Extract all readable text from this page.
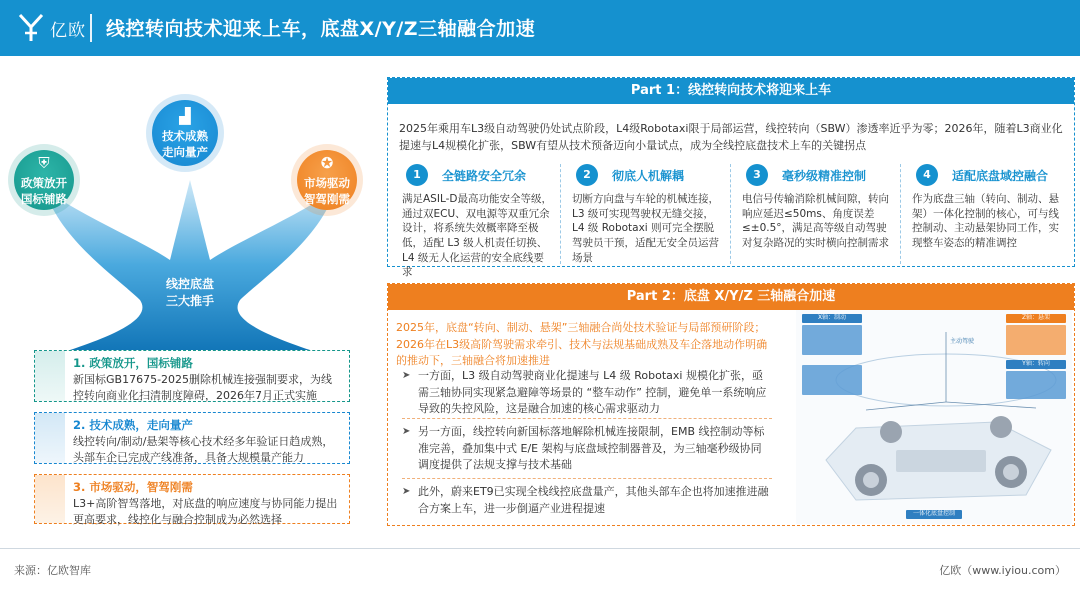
亿欧 线控转向技术迎来上车，底盘X/Y/Z三轴融合加速
⛨
政策放开
国标铺路
▟
技术成熟
走向量产
✪
市场驱动
智驾刚需
线控底盘
三大推手
1. 政策放开，国标铺路
新国标GB17675-2025删除机械连接强制要求，为线控转向商业化扫清制度障碍，2026年7月正式实施
2. 技术成熟，走向量产
线控转向/制动/悬架等核心技术经多年验证日趋成熟，头部车企已完成产线准备，具备大规模量产能力
3. 市场驱动，智驾刚需
L3+高阶智驾落地，对底盘的响应速度与协同能力提出更高要求，线控化与融合控制成为必然选择
Part 1：线控转向技术将迎来上车
2025年乘用车L3级自动驾驶仍处试点阶段，L4级Robotaxi限于局部运营，线控转向（SBW）渗透率近乎为零；2026年，随着L3商业化提速与L4规模化扩张，SBW有望从技术预备迈向小量试点，成为全线控底盘技术上车的关键拐点
1	全链路安全冗余
满足ASIL-D最高功能安全等级，通过双ECU、双电源等双重冗余设计，将系统失效概率降至极低，适配 L3 级人机责任切换、L4 级无人化运营的安全底线要求
2	彻底人机解耦
切断方向盘与车轮的机械连接，L3 级可实现驾驶权无缝交接，L4 级 Robotaxi 则可完全摆脱驾驶员干预，适配无安全员运营场景
3	毫秒级精准控制
电信号传输消除机械间隙，转向响应延迟≤50ms、角度误差≤±0.5°，满足高等级自动驾驶对复杂路况的实时横向控制需求
4	适配底盘域控融合
作为底盘三轴（转向、制动、悬架）一体化控制的核心，可与线控制动、主动悬架协同工作，实现整车姿态的精准调控
Part 2：底盘 X/Y/Z 三轴融合加速
2025年，底盘“转向、制动、悬架”三轴融合尚处技术验证与局部预研阶段；2026年在L3级高阶驾驶需求牵引、技术与法规基础成熟及车企落地动作明确的推动下，三轴融合将加速推进
➤ 一方面，L3 级自动驾驶商业化提速与 L4 级 Robotaxi 规模化扩张，亟需三轴协同实现紧急避障等场景的 “整车动作” 控制，避免单一系统响应导致的失控风险，这是融合加速的核心需求驱动力
➤ 另一方面，线控转向新国标落地解除机械连接限制，EMB 线控制动等标准完善，叠加集中式 E/E 架构与底盘域控制器普及，为三轴毫秒级协同调度提供了法规支撑与技术基础
➤ 此外，蔚来ET9已实现全栈线控底盘量产，其他头部车企也将加速推进融合方案上车，进一步倒逼产业进程提速
X轴：制动	Z轴：悬架
Y轴：转向
主动驾驶
一体化底盘控制
来源：亿欧智库	亿欧（www.iyiou.com）
